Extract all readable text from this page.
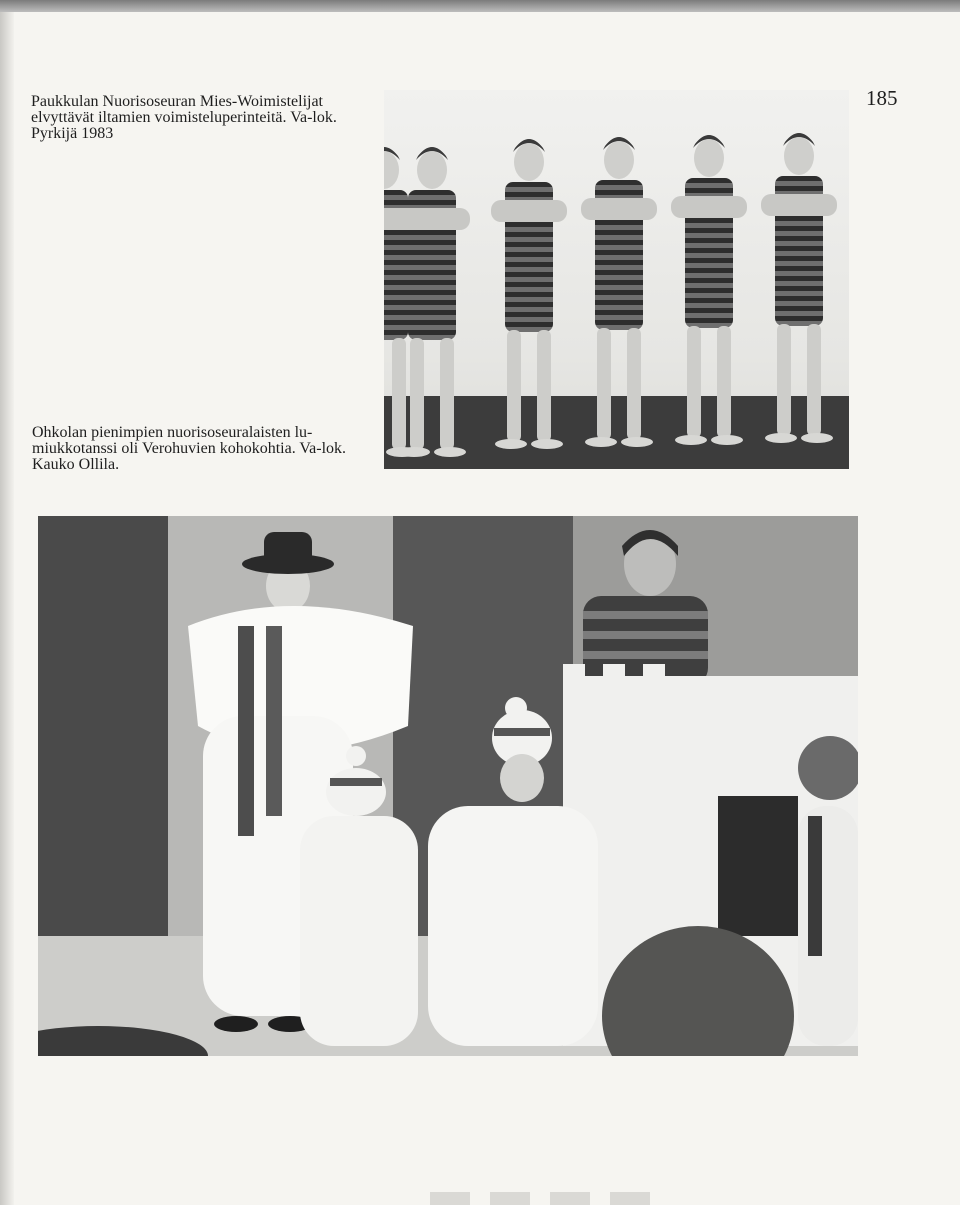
185

Paukkulan Nuorisoseuran Mies-Woimistelijat elvyttävät iltamien voimisteluperinteitä. Va-lok. Pyrkijä 1983

Ohkolan pienimpien nuorisoseuralaisten lu-miukkotanssi oli Verohuvien kohokohtia. Va-lok. Kauko Ollila.
